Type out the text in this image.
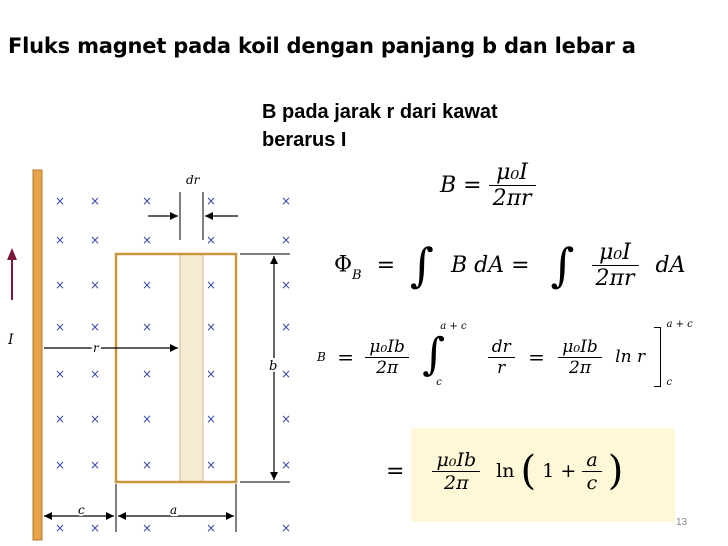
Fluks magnet pada koil dengan panjang b dan lebar a
B pada jarak r dari kawat
berarus I
I
× ×	×	×	×
× ×	×	×	×
× ×	×	×	×
× ×	×	×	×
× ×	×	×	×
× ×	×	×	×
× ×	×	×	×
× ×	×	×	×
dr
r
b
c	a
$B = \frac{\text{μ₀I}}{2\pi r}$
$\Phi_B$ = ∫ B dA = ∫ $\frac{\text{μ₀I}}{2\pi r}$ dA
$B = \frac{\text{μ₀Ib}}{2\pi}$
∫
a + c
c

$\frac{dr}{r} = \frac{\text{μ₀Ib}}{2\pi}$ ln r
a + c
c
= $\frac{\text{μ₀Ib}}{2\pi}$ ln ( $1 + \frac{a}{c}$ )
13
